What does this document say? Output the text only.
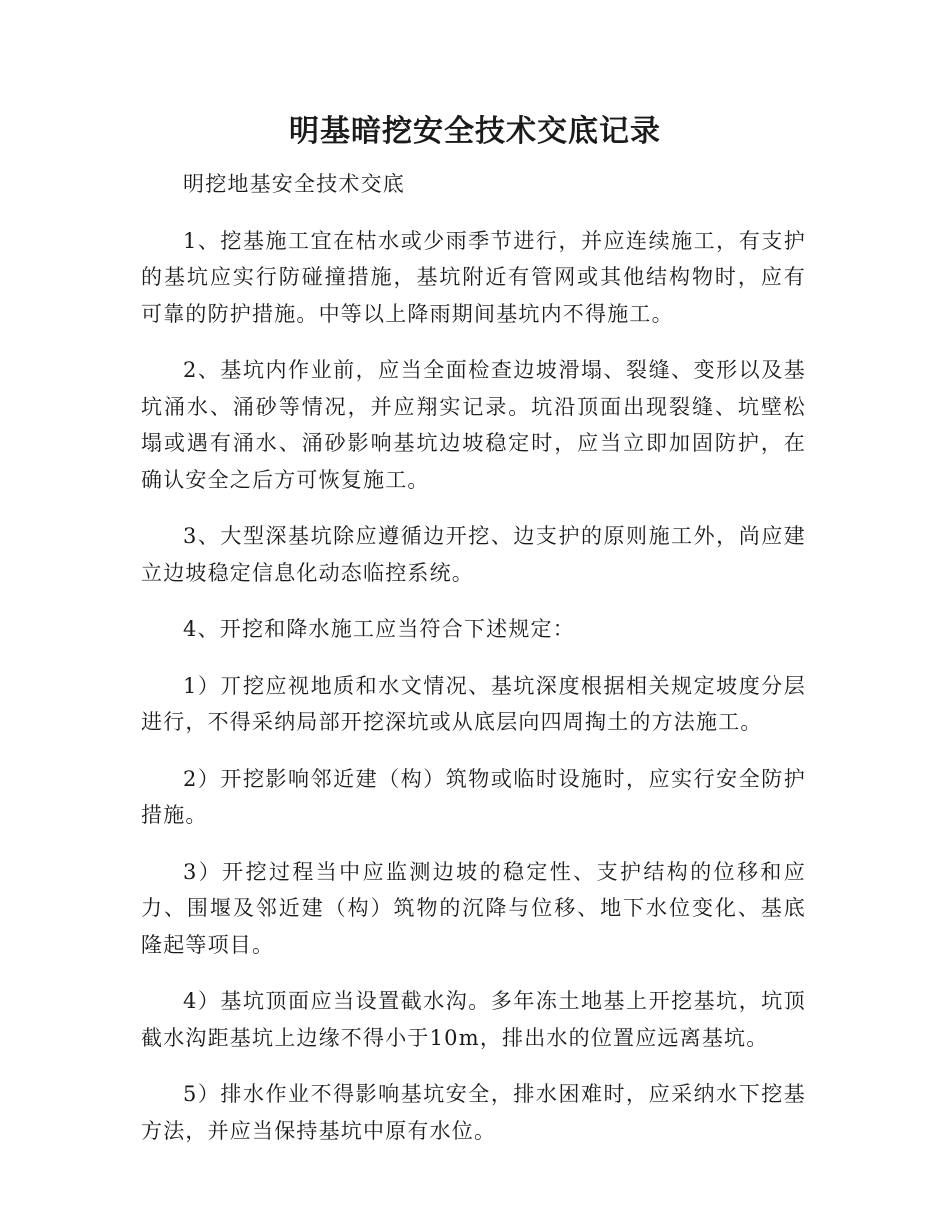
明基暗挖安全技术交底记录

明挖地基安全技术交底

1、挖基施工宜在枯水或少雨季节进行，并应连续施工，有支护的基坑应实行防碰撞措施，基坑附近有管网或其他结构物时，应有可靠的防护措施。中等以上降雨期间基坑内不得施工。

2、基坑内作业前，应当全面检查边坡滑塌、裂缝、变形以及基坑涌水、涌砂等情况，并应翔实记录。坑沿顶面出现裂缝、坑壁松塌或遇有涌水、涌砂影响基坑边坡稳定时，应当立即加固防护，在确认安全之后方可恢复施工。

3、大型深基坑除应遵循边开挖、边支护的原则施工外，尚应建立边坡稳定信息化动态临控系统。

4、开挖和降水施工应当符合下述规定：

1）丌挖应视地质和水文情况、基坑深度根据相关规定坡度分层进行，不得采纳局部开挖深坑或从底层向四周掏土的方法施工。

2）开挖影响邻近建（构）筑物或临时设施时，应实行安全防护措施。

3）开挖过程当中应监测边坡的稳定性、支护结构的位移和应力、围堰及邻近建（构）筑物的沉降与位移、地下水位变化、基底隆起等项目。

4）基坑顶面应当设置截水沟。多年冻土地基上开挖基坑，坑顶截水沟距基坑上边缘不得小于10m，排出水的位置应远离基坑。

5）排水作业不得影响基坑安全，排水困难时，应采纳水下挖基方法，并应当保持基坑中原有水位。
